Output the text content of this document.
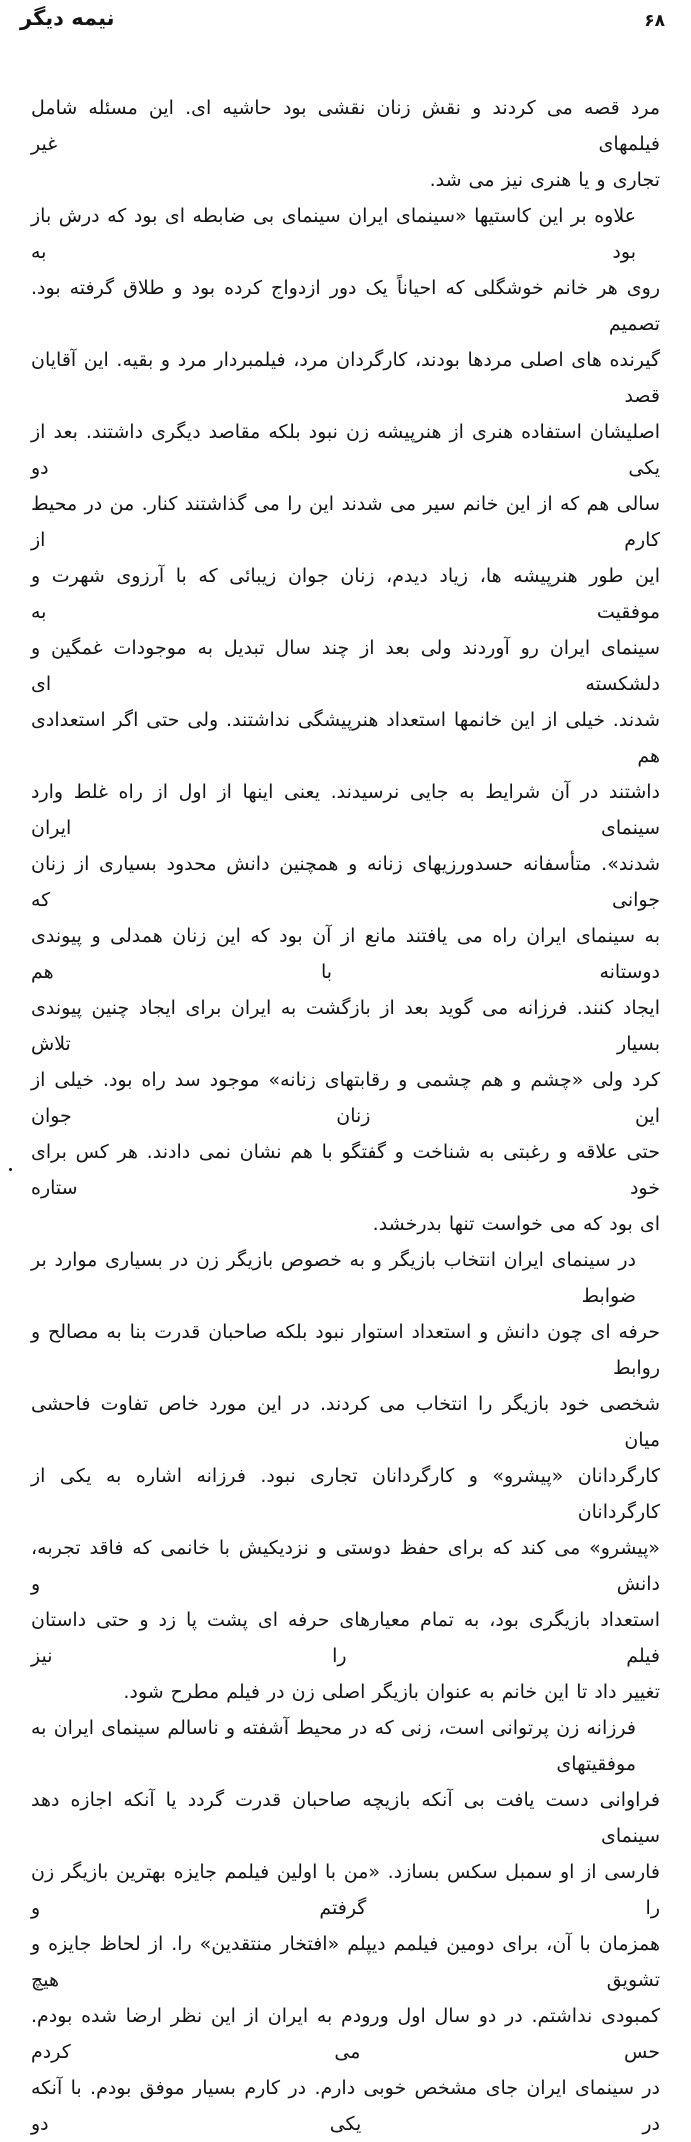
نیمه دیگر	۶۸
مرد قصه می کردند و نقش زنان نقشی بود حاشیه ای. این مسئله شامل فیلمهای غیر
تجاری و یا هنری نیز می شد.
علاوه بر این کاستیها «سینمای ایران سینمای بی ضابطه ای بود که درش باز بود به
روی هر خانم خوشگلی که احیاناً یک دور ازدواج کرده بود و طلاق گرفته بود. تصمیم
گیرنده های اصلی مردها بودند، کارگردان مرد، فیلمبردار مرد و بقیه. این آقایان قصد
اصلیشان استفاده هنری از هنرپیشه زن نبود بلکه مقاصد دیگری داشتند. بعد از یکی دو
سالی هم که از این خانم سیر می شدند این را می گذاشتند کنار. من در محیط کارم از
این طور هنرپیشه ها، زیاد دیدم، زنان جوان زیبائی که با آرزوی شهرت و موفقیت به
سینمای ایران رو آوردند ولی بعد از چند سال تبدیل به موجودات غمگین و دلشکسته ای
شدند. خیلی از این خانمها استعداد هنرپیشگی نداشتند. ولی حتی اگر استعدادی هم
داشتند در آن شرایط به جایی نرسیدند. یعنی اینها از اول از راه غلط وارد سینمای ایران
شدند». متأسفانه حسدورزیهای زنانه و همچنین دانش محدود بسیاری از زنان جوانی که
به سینمای ایران راه می یافتند مانع از آن بود که این زنان همدلی و پیوندی دوستانه با هم
ایجاد کنند. فرزانه می گوید بعد از بازگشت به ایران برای ایجاد چنین پیوندی بسیار تلاش
کرد ولی «چشم و هم چشمی و رقابتهای زنانه» موجود سد راه بود. خیلی از این زنان جوان
حتی علاقه و رغبتی به شناخت و گفتگو با هم نشان نمی دادند. هر کس برای خود ستاره
ای بود که می خواست تنها بدرخشد.
در سینمای ایران انتخاب بازیگر و به خصوص بازیگر زن در بسیاری موارد بر ضوابط
حرفه ای چون دانش و استعداد استوار نبود بلکه صاحبان قدرت بنا به مصالح و روابط
شخصی خود بازیگر را انتخاب می کردند. در این مورد خاص تفاوت فاحشی میان
کارگردانان «پیشرو» و کارگردانان تجاری نبود. فرزانه اشاره به یکی از کارگردانان
«پیشرو» می کند که برای حفظ دوستی و نزدیکیش با خانمی که فاقد تجربه، دانش و
استعداد بازیگری بود، به تمام معیارهای حرفه ای پشت پا زد و حتی داستان فیلم را نیز
تغییر داد تا این خانم به عنوان بازیگر اصلی زن در فیلم مطرح شود.
فرزانه زن پرتوانی است، زنی که در محیط آشفته و ناسالم سینمای ایران به موفقیتهای
فراوانی دست یافت بی آنکه بازیچه صاحبان قدرت گردد یا آنکه اجازه دهد سینمای
فارسی از او سمبل سکس بسازد. «من با اولین فیلمم جایزه بهترین بازیگر زن را گرفتم و
همزمان با آن، برای دومین فیلمم دیپلم «افتخار منتقدین» را. از لحاظ جایزه و تشویق هیچ
کمبودی نداشتم. در دو سال اول ورودم به ایران از این نظر ارضا شده بودم. حس می کردم
در سینمای ایران جای مشخص خوبی دارم. در کارم بسیار موفق بودم. با آنکه در یکی دو
